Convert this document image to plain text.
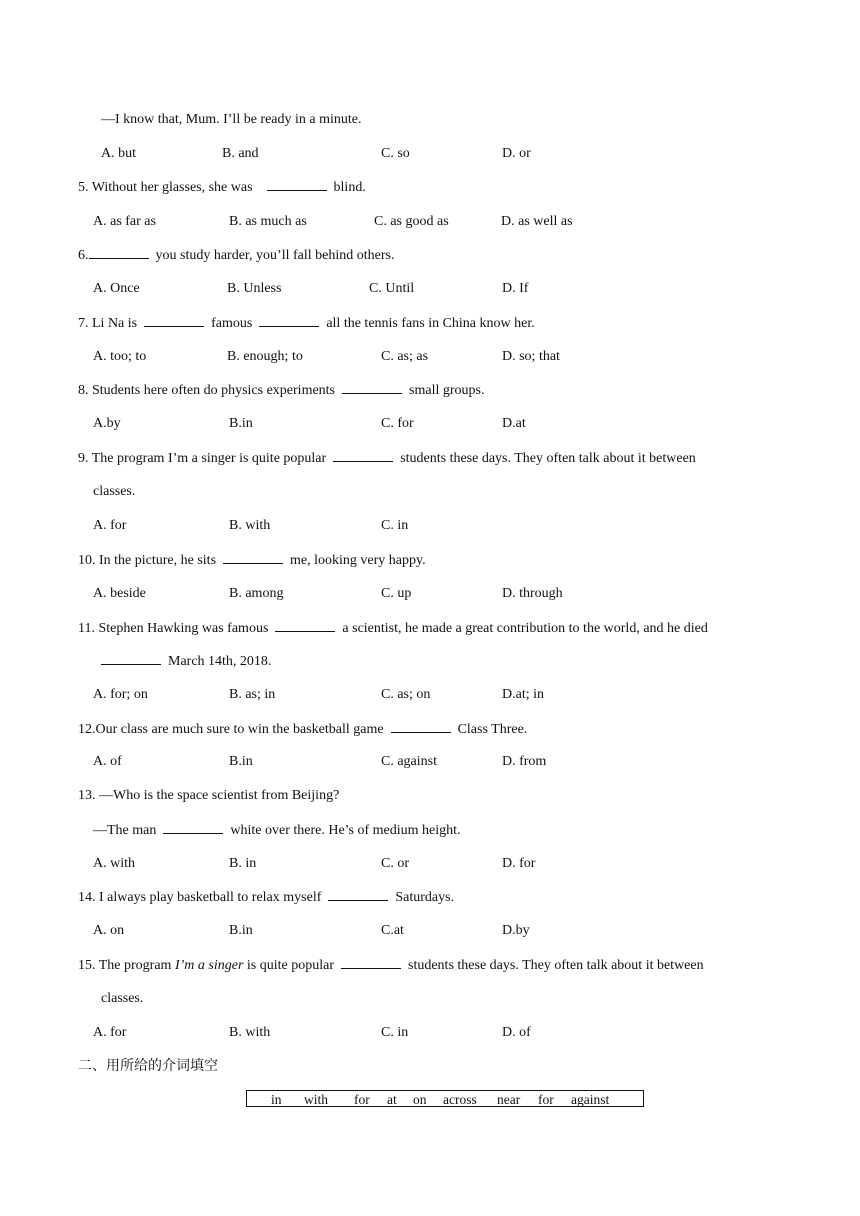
—I know that, Mum. I’ll be ready in a minute.
A. but	B. and	C. so	D. or
5. Without her glasses, she was	blind.
A. as far as	B. as much as	C. as good as	D. as well as
6.	you study harder, you’ll fall behind others.
A. Once	B. Unless	C. Until	D. If
7. Li Na is	famous	all the tennis fans in China know her.
A. too; to	B. enough; to	C. as; as	D. so; that
8. Students here often do physics experiments	small groups.
A.by	B.in	C. for	D.at
9. The program I’m a singer is quite popular	students these days. They often talk about it between
classes.
A. for	B. with	C. in
10. In the picture, he sits	me, looking very happy.
A. beside	B. among	C. up	D. through
11. Stephen Hawking was famous	a scientist, he made a great contribution to the world, and he died
March 14th, 2018.
A. for; on	B. as; in	C. as; on	D.at; in
12.Our class are much sure to win the basketball game	Class Three.
A. of	B.in	C. against	D. from
13. —Who is the space scientist from Beijing?
—The man	white over there. He’s of medium height.
A. with	B. in	C. or	D. for
14. I always play basketball to relax myself	Saturdays.
A. on	B.in	C.at	D.by
15. The program I’m a singer is quite popular	students these days. They often talk about it between
classes.
A. for	B. with	C. in	D. of
二、用所给的介词填空
in with for at on across near for against
